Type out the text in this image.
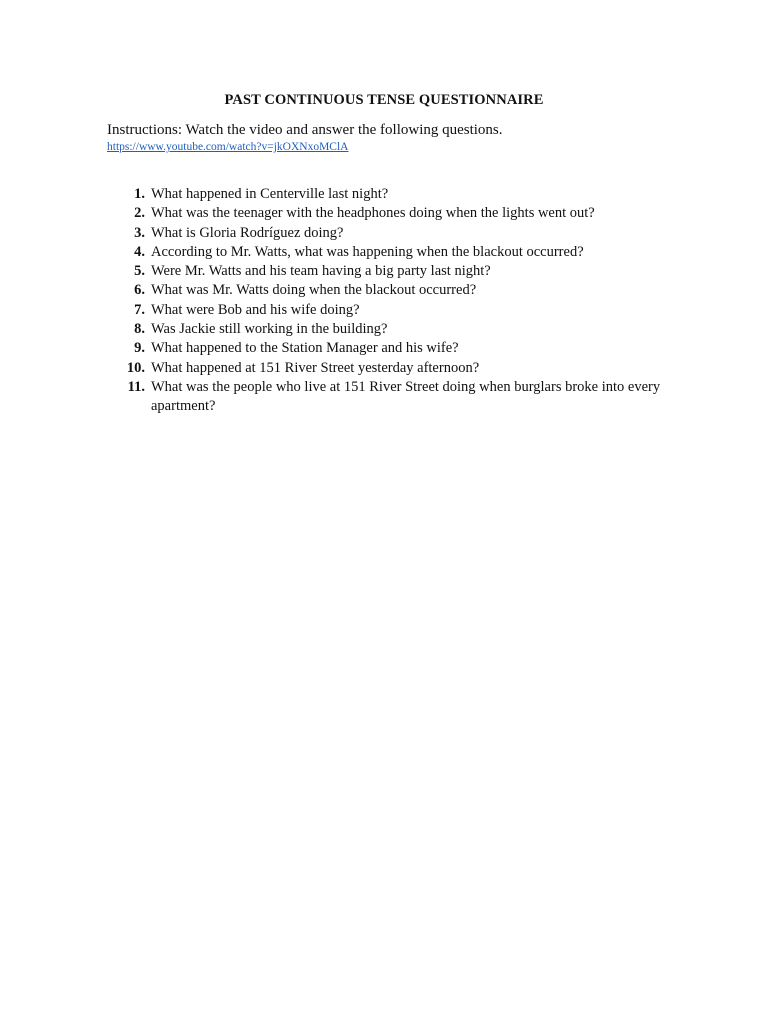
PAST CONTINUOUS TENSE QUESTIONNAIRE
Instructions: Watch the video and answer the following questions.
https://www.youtube.com/watch?v=jkOXNxoMClA
1. What happened in Centerville last night?
2. What was the teenager with the headphones doing when the lights went out?
3. What is Gloria Rodríguez doing?
4. According to Mr. Watts, what was happening when the blackout occurred?
5. Were Mr. Watts and his team having a big party last night?
6. What was Mr. Watts doing when the blackout occurred?
7. What were Bob and his wife doing?
8. Was Jackie still working in the building?
9. What happened to the Station Manager and his wife?
10. What happened at 151 River Street yesterday afternoon?
11. What was the people who live at 151 River Street doing when burglars broke into every apartment?
